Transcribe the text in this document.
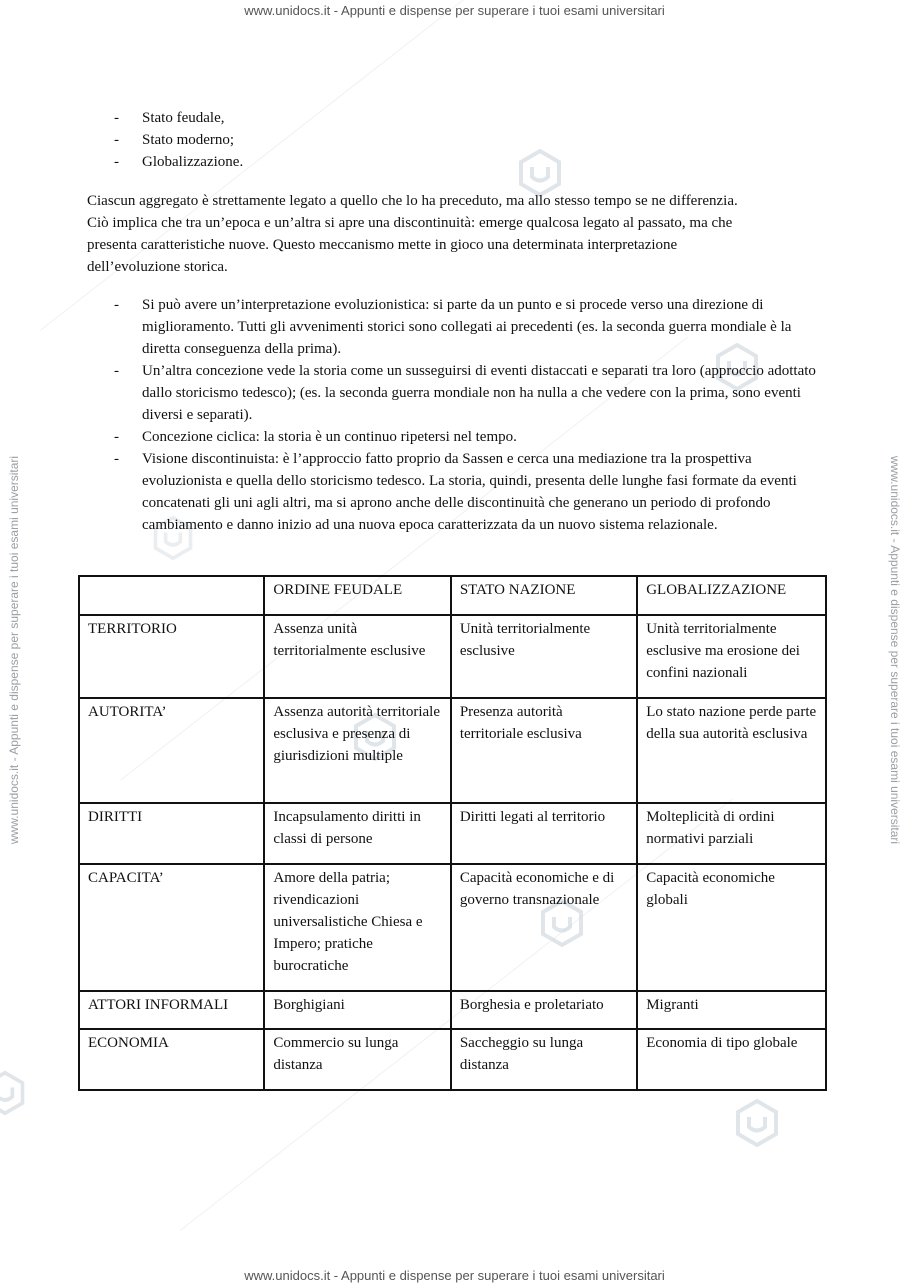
www.unidocs.it - Appunti e dispense per superare i tuoi esami universitari
www.unidocs.it - Appunti e dispense per superare i tuoi esami universitari
www.unidocs.it - Appunti e dispense per superare i tuoi esami universitari	www.unidocs.it - Appunti e dispense per superare i tuoi esami universitari
- Stato feudale,
- Stato moderno;
- Globalizzazione.
Ciascun aggregato è strettamente legato a quello che lo ha preceduto, ma allo stesso tempo se ne differenzia.
Ciò implica che tra un’epoca e un’altra si apre una discontinuità: emerge qualcosa legato al passato, ma che
presenta caratteristiche nuove. Questo meccanismo mette in gioco una determinata interpretazione
dell’evoluzione storica.
- Si può avere un’interpretazione evoluzionistica: si parte da un punto e si procede verso una direzione di miglioramento. Tutti gli avvenimenti storici sono collegati ai precedenti (es. la seconda guerra mondiale è la diretta conseguenza della prima).
- Un’altra concezione vede la storia come un susseguirsi di eventi distaccati e separati tra loro (approccio adottato dallo storicismo tedesco); (es. la seconda guerra mondiale non ha nulla a che vedere con la prima, sono eventi diversi e separati).
- Concezione ciclica: la storia è un continuo ripetersi nel tempo.
- Visione discontinuista: è l’approccio fatto proprio da Sassen e cerca una mediazione tra la prospettiva evoluzionista e quella dello storicismo tedesco. La storia, quindi, presenta delle lunghe fasi formate da eventi concatenati gli uni agli altri, ma si aprono anche delle discontinuità che generano un periodo di profondo cambiamento e danno inizio ad una nuova epoca caratterizzata da un nuovo sistema relazionale.
	ORDINE FEUDALE	STATO NAZIONE	GLOBALIZZAZIONE
TERRITORIO	Assenza unità territorialmente esclusive	Unità territorialmente esclusive	Unità territorialmente esclusive ma erosione dei confini nazionali
AUTORITA’	Assenza autorità territoriale esclusiva e presenza di giurisdizioni multiple	Presenza autorità territoriale esclusiva	Lo stato nazione perde parte della sua autorità esclusiva
DIRITTI	Incapsulamento diritti in classi di persone	Diritti legati al territorio	Molteplicità di ordini normativi parziali
CAPACITA’	Amore della patria; rivendicazioni universalistiche Chiesa e Impero; pratiche burocratiche	Capacità economiche e di governo transnazionale	Capacità economiche globali
ATTORI INFORMALI	Borghigiani	Borghesia e proletariato	Migranti
ECONOMIA	Commercio su lunga distanza	Saccheggio su lunga distanza	Economia di tipo globale
